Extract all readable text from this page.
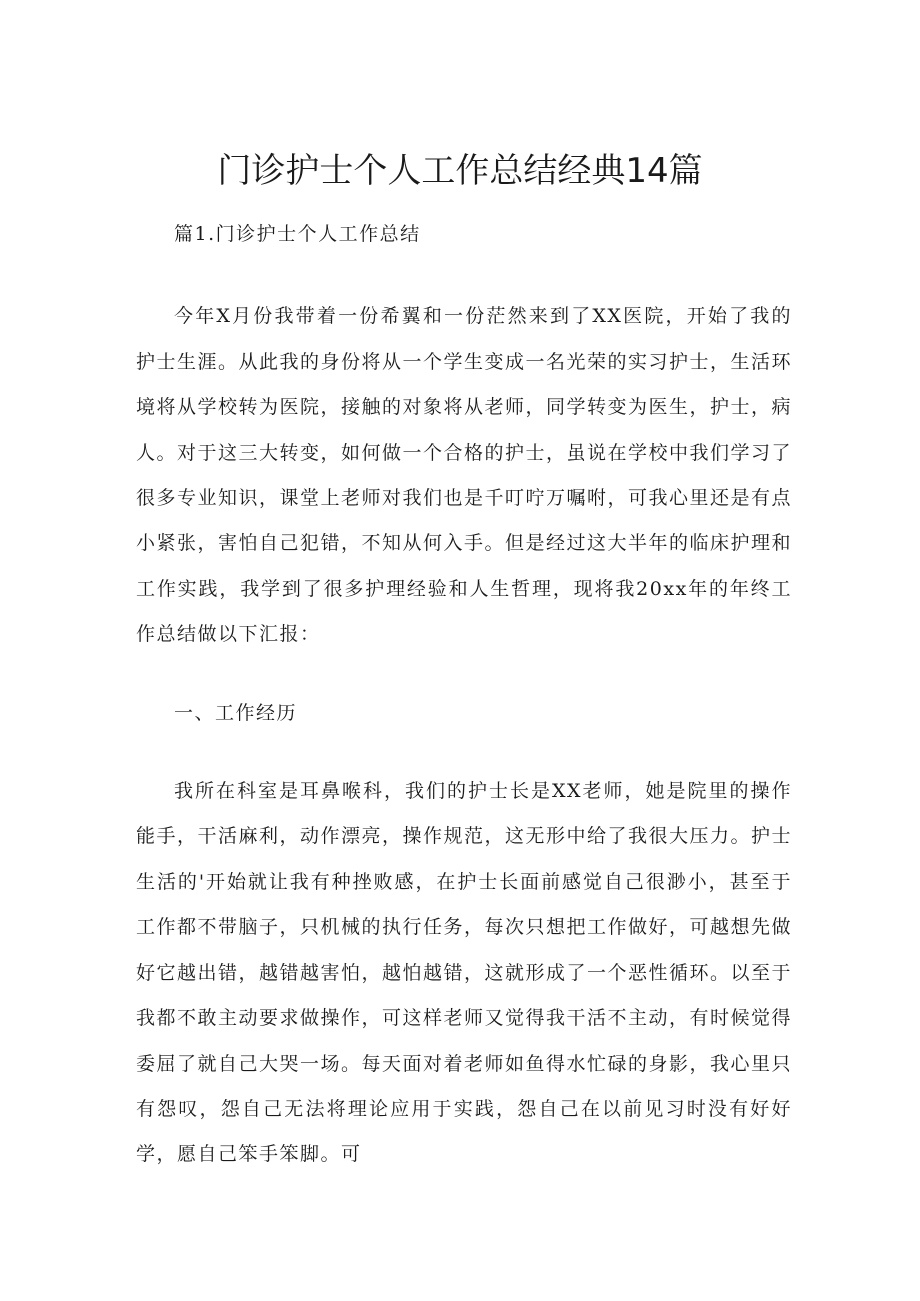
门诊护士个人工作总结经典14篇

篇1.门诊护士个人工作总结

今年X月份我带着一份希翼和一份茫然来到了XX医院，开始了我的护士生涯。从此我的身份将从一个学生变成一名光荣的实习护士，生活环境将从学校转为医院，接触的对象将从老师，同学转变为医生，护士，病人。对于这三大转变，如何做一个合格的护士，虽说在学校中我们学习了很多专业知识，课堂上老师对我们也是千叮咛万嘱咐，可我心里还是有点小紧张，害怕自己犯错，不知从何入手。但是经过这大半年的临床护理和工作实践，我学到了很多护理经验和人生哲理，现将我20xx年的年终工作总结做以下汇报：

一、工作经历

我所在科室是耳鼻喉科，我们的护士长是XX老师，她是院里的操作能手，干活麻利，动作漂亮，操作规范，这无形中给了我很大压力。护士生活的'开始就让我有种挫败感，在护士长面前感觉自己很渺小，甚至于工作都不带脑子，只机械的执行任务，每次只想把工作做好，可越想先做好它越出错，越错越害怕，越怕越错，这就形成了一个恶性循环。以至于我都不敢主动要求做操作，可这样老师又觉得我干活不主动，有时候觉得委屈了就自己大哭一场。每天面对着老师如鱼得水忙碌的身影，我心里只有怨叹，怨自己无法将理论应用于实践，怨自己在以前见习时没有好好学，愿自己笨手笨脚。可
